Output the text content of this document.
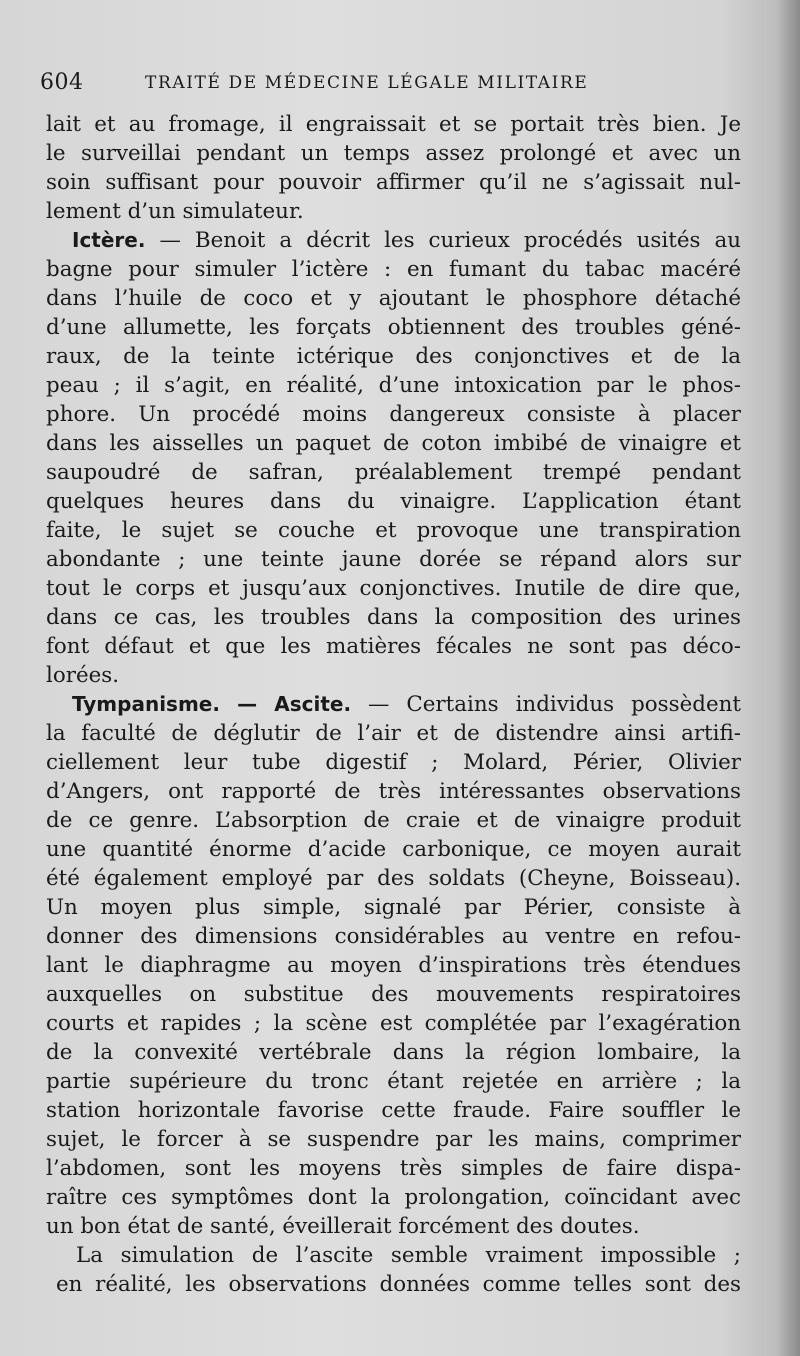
604	TRAITÉ DE MÉDECINE LÉGALE MILITAIRE
lait et au fromage, il engraissait et se portait très bien. Je
le surveillai pendant un temps assez prolongé et avec un
soin suffisant pour pouvoir affirmer qu’il ne s’agissait nul-
lement d’un simulateur.
Ictère. — Benoit a décrit les curieux procédés usités au
bagne pour simuler l’ictère : en fumant du tabac macéré
dans l’huile de coco et y ajoutant le phosphore détaché
d’une allumette, les forçats obtiennent des troubles géné-
raux, de la teinte ictérique des conjonctives et de la
peau ; il s’agit, en réalité, d’une intoxication par le phos-
phore. Un procédé moins dangereux consiste à placer
dans les aisselles un paquet de coton imbibé de vinaigre et
saupoudré de safran, préalablement trempé pendant
quelques heures dans du vinaigre. L’application étant
faite, le sujet se couche et provoque une transpiration
abondante ; une teinte jaune dorée se répand alors sur
tout le corps et jusqu’aux conjonctives. Inutile de dire que,
dans ce cas, les troubles dans la composition des urines
font défaut et que les matières fécales ne sont pas déco-
lorées.
Tympanisme. — Ascite. — Certains individus possèdent
la faculté de déglutir de l’air et de distendre ainsi artifi-
ciellement leur tube digestif ; Molard, Périer, Olivier
d’Angers, ont rapporté de très intéressantes observations
de ce genre. L’absorption de craie et de vinaigre produit
une quantité énorme d’acide carbonique, ce moyen aurait
été également employé par des soldats (Cheyne, Boisseau).
Un moyen plus simple, signalé par Périer, consiste à
donner des dimensions considérables au ventre en refou-
lant le diaphragme au moyen d’inspirations très étendues
auxquelles on substitue des mouvements respiratoires
courts et rapides ; la scène est complétée par l’exagération
de la convexité vertébrale dans la région lombaire, la
partie supérieure du tronc étant rejetée en arrière ; la
station horizontale favorise cette fraude. Faire souffler le
sujet, le forcer à se suspendre par les mains, comprimer
l’abdomen, sont les moyens très simples de faire dispa-
raître ces symptômes dont la prolongation, coïncidant avec
un bon état de santé, éveillerait forcément des doutes.
La simulation de l’ascite semble vraiment impossible ;
en réalité, les observations données comme telles sont des
